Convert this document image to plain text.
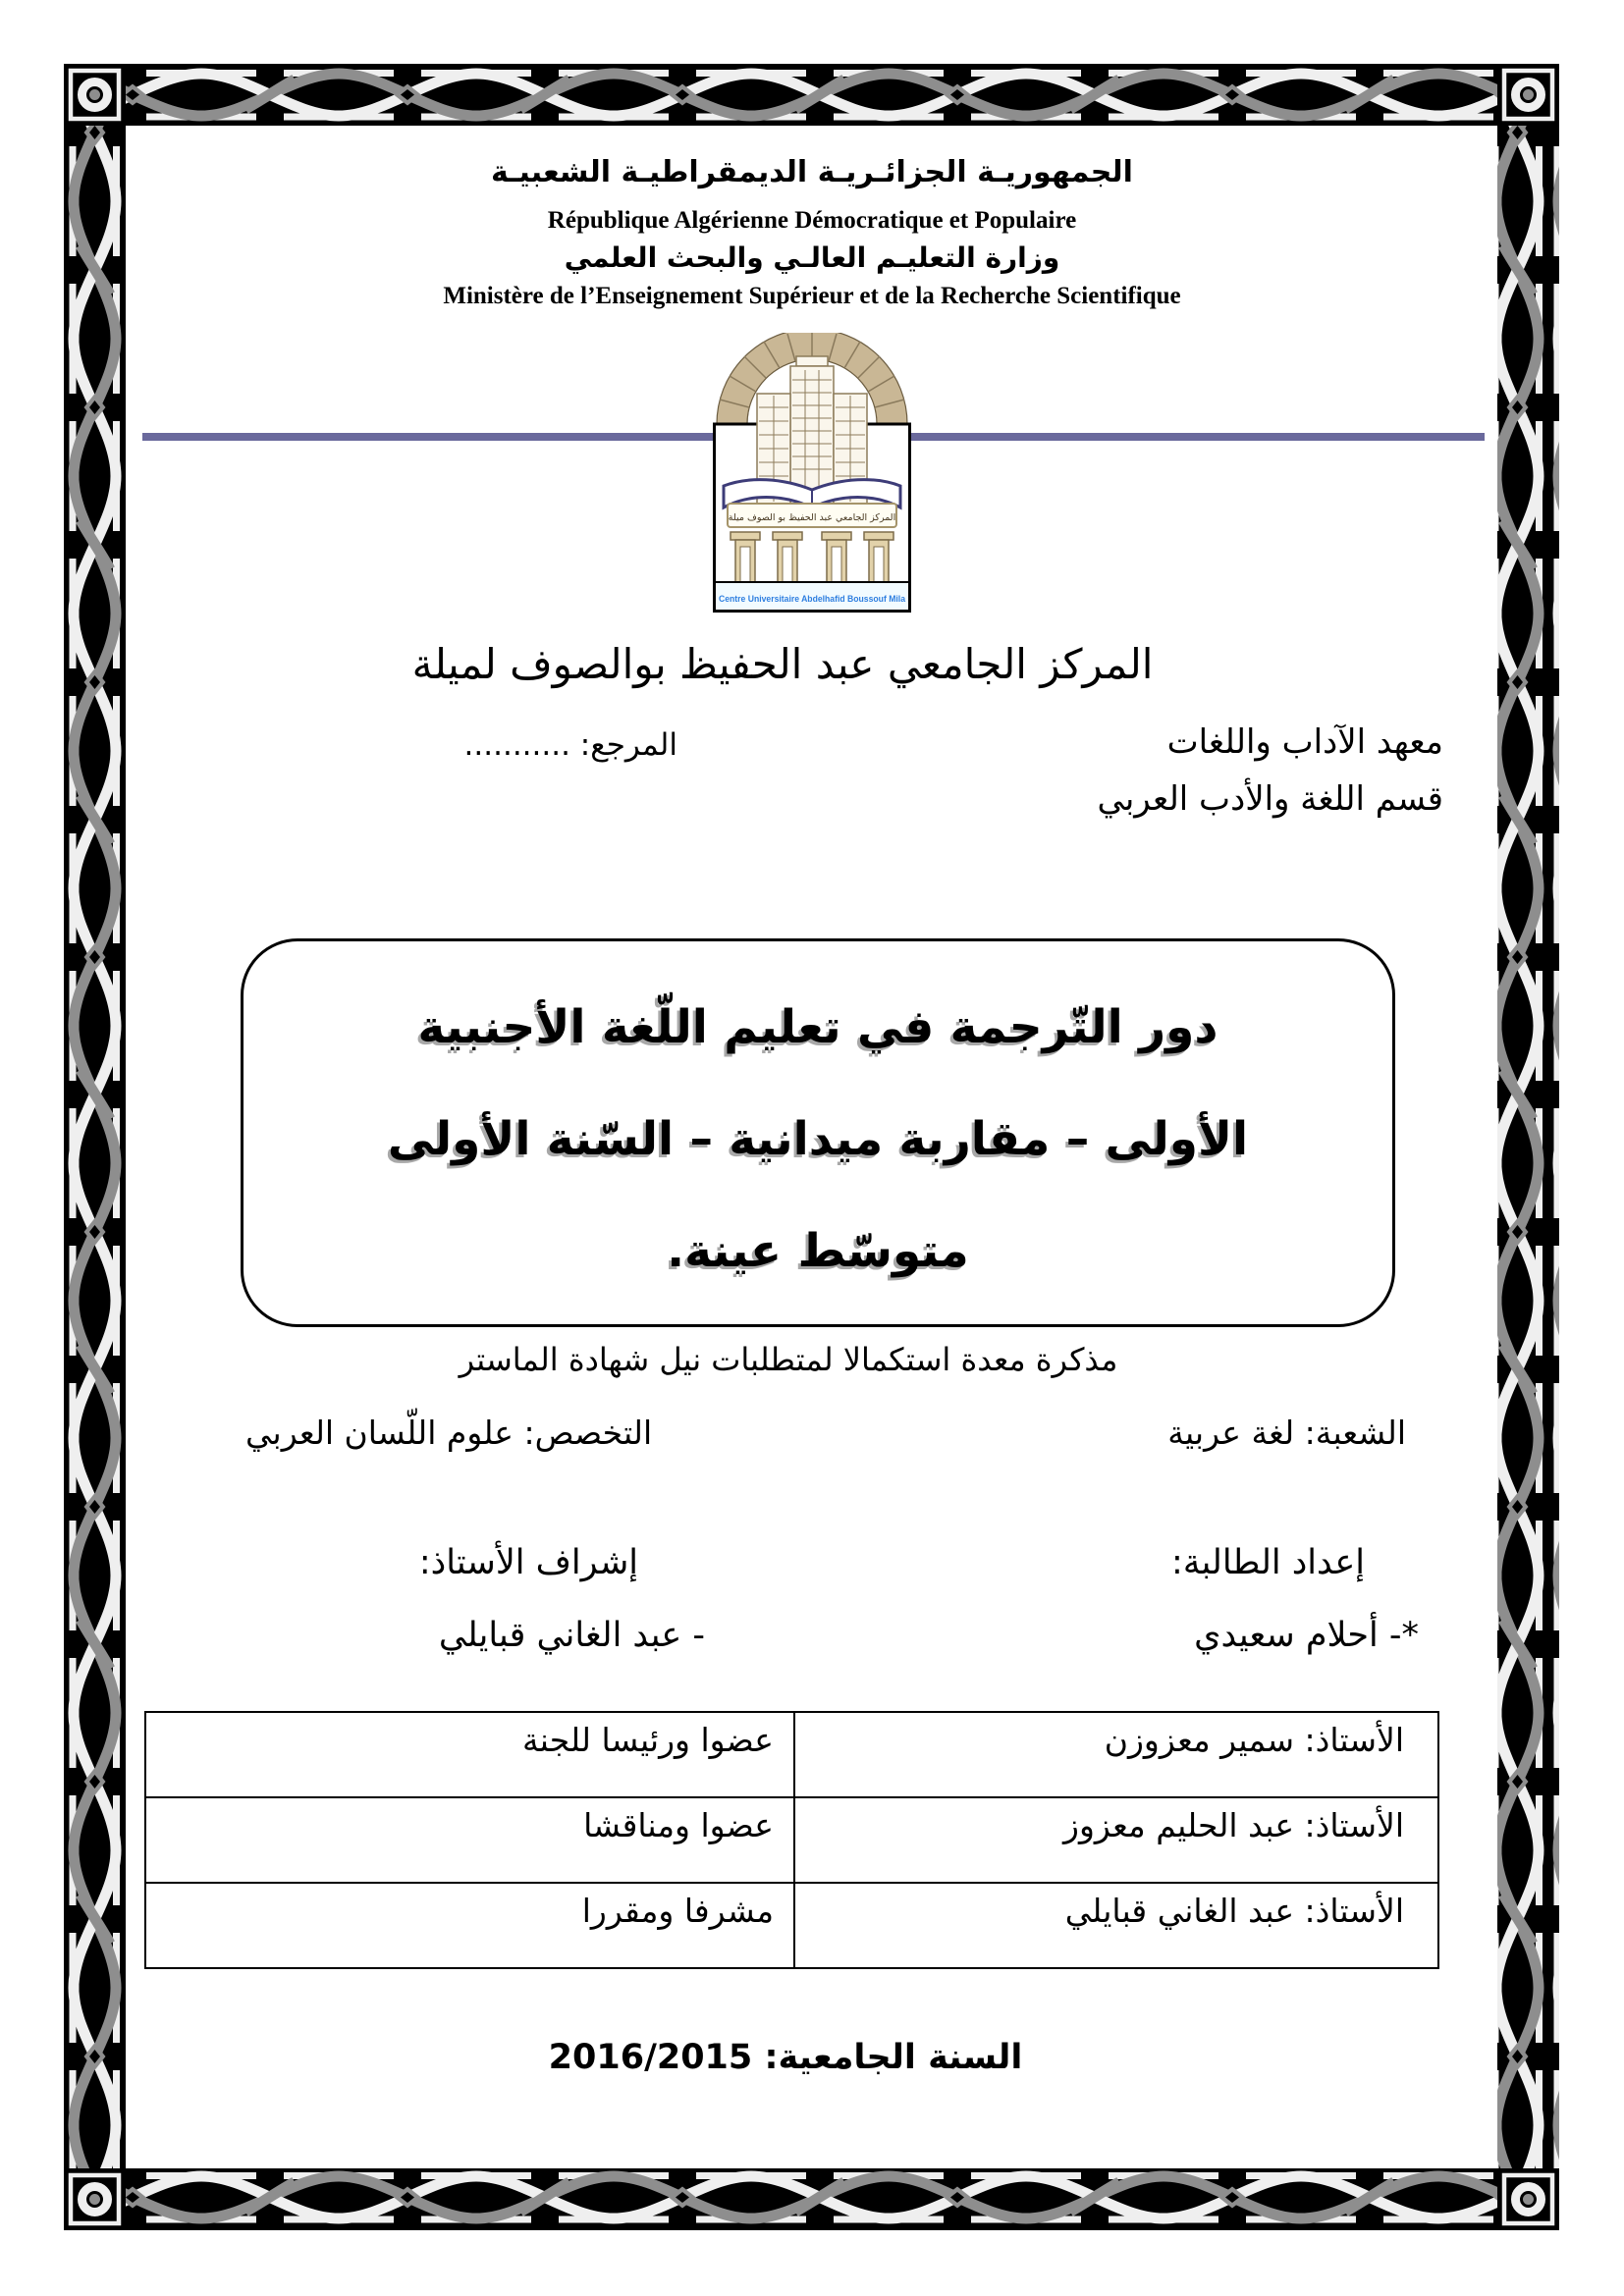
الجمهوريـة الجزائـريـة الديمقراطيـة الشعبيـة
République Algérienne Démocratique et Populaire
وزارة التعليـم العالـي والبحث العلمي
Ministère de l’Enseignement Supérieur et de la Recherche Scientifique
المركز الجامعي عبد الحفيظ بو الصوف ميلة
Centre Universitaire Abdelhafid Boussouf Mila
المركز الجامعي عبد الحفيظ بوالصوف لميلة
معهد الآداب واللغات
المرجع: ...........
قسم اللغة والأدب العربي
دور التّرجمة في تعليم اللّغة الأجنبية
الأولى – مقاربة ميدانية – السّنة الأولى
متوسّط عينة.
مذكرة معدة استكمالا لمتطلبات نيل شهادة الماستر
الشعبة: لغة عربية
التخصص: علوم اللّسان العربي
إعداد الطالبة:
إشراف الأستاذ:
*- أحلام سعيدي
- عبد الغاني قبايلي
الأستاذ: سمير معزوزن
عضوا ورئيسا للجنة
الأستاذ: عبد الحليم معزوز
عضوا ومناقشا
الأستاذ: عبد الغاني قبايلي
مشرفا ومقررا
السنة الجامعية: 2016/2015
